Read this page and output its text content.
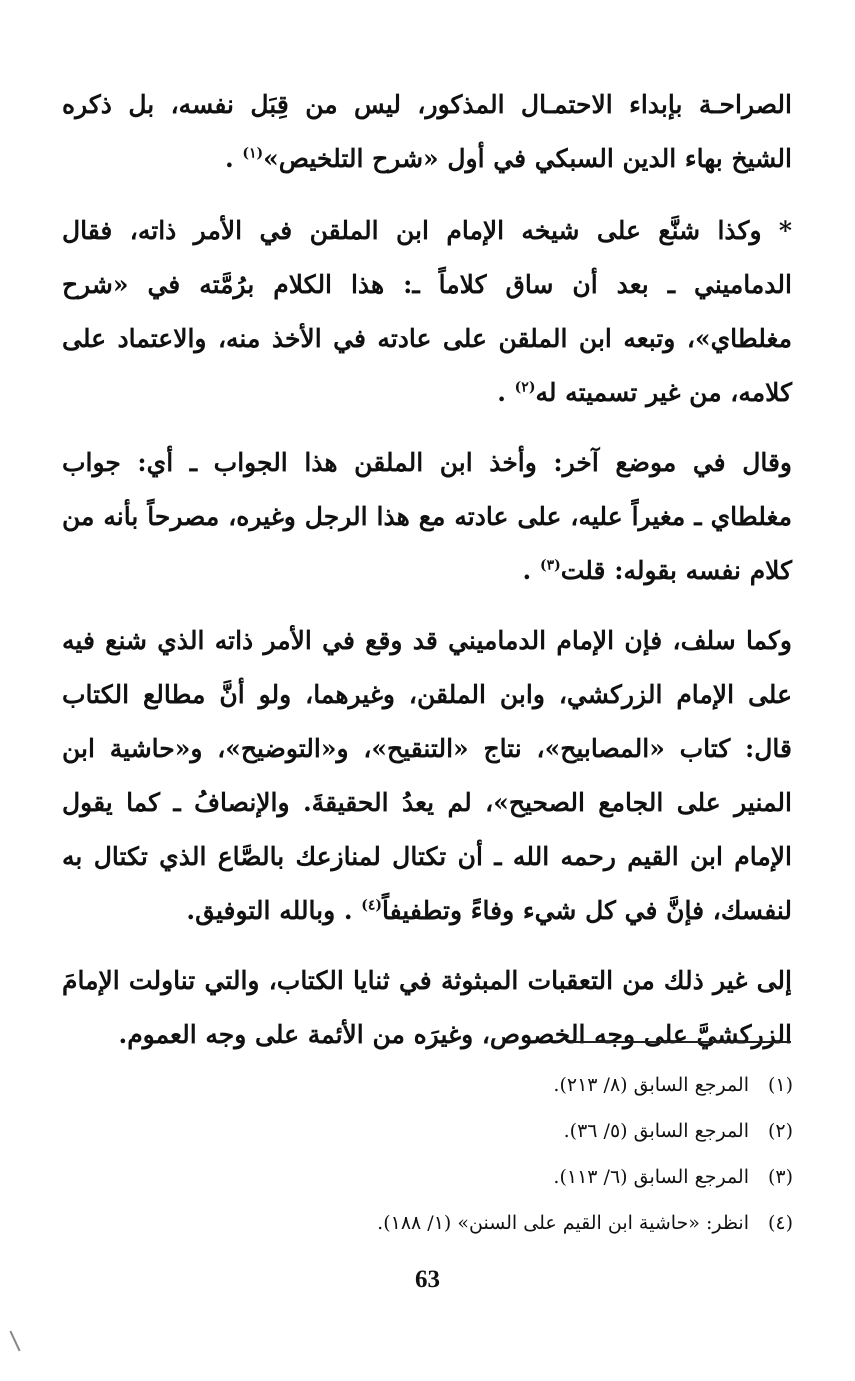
الصراحـة بإبداء الاحتمـال المذكور، ليس من قِبَل نفسه، بل ذكره الشيخ بهاء الدين السبكي في أول «شرح التلخيص»$^{(١)}$ .

* وكذا شنَّع على شيخه الإمام ابن الملقن في الأمر ذاته، فقال الدماميني ـ بعد أن ساق كلاماً ـ: هذا الكلام برُمَّته في «شرح مغلطاي»، وتبعه ابن الملقن على عادته في الأخذ منه، والاعتماد على كلامه، من غير تسميته له$^{(٢)}$ .

وقال في موضع آخر: وأخذ ابن الملقن هذا الجواب ـ أي: جواب مغلطاي ـ مغيراً عليه، على عادته مع هذا الرجل وغيره، مصرحاً بأنه من كلام نفسه بقوله: قلت$^{(٣)}$ .

وكما سلف، فإن الإمام الدماميني قد وقع في الأمر ذاته الذي شنع فيه على الإمام الزركشي، وابن الملقن، وغيرهما، ولو أنَّ مطالع الكتاب قال: كتاب «المصابيح»، نتاج «التنقيح»، و«التوضيح»، و«حاشية ابن المنير على الجامع الصحيح»، لم يعدُ الحقيقةَ. والإنصافُ ـ كما يقول الإمام ابن القيم رحمه الله ـ أن تكتال لمنازعك بالصَّاع الذي تكتال به لنفسك، فإنَّ في كل شيء وفاءً وتطفيفاً$^{(٤)}$ . وبالله التوفيق.

إلى غير ذلك من التعقبات المبثوثة في ثنايا الكتاب، والتي تناولت الإمامَ الزركشيَّ على وجه الخصوص، وغيرَه من الأئمة على وجه العموم.

(١)المرجع السابق (٨/ ٢١٣).
(٢)المرجع السابق (٥/ ٣٦).
(٣)المرجع السابق (٦/ ١١٣).
(٤)انظر: «حاشية ابن القيم على السنن» (١/ ١٨٨).
63
